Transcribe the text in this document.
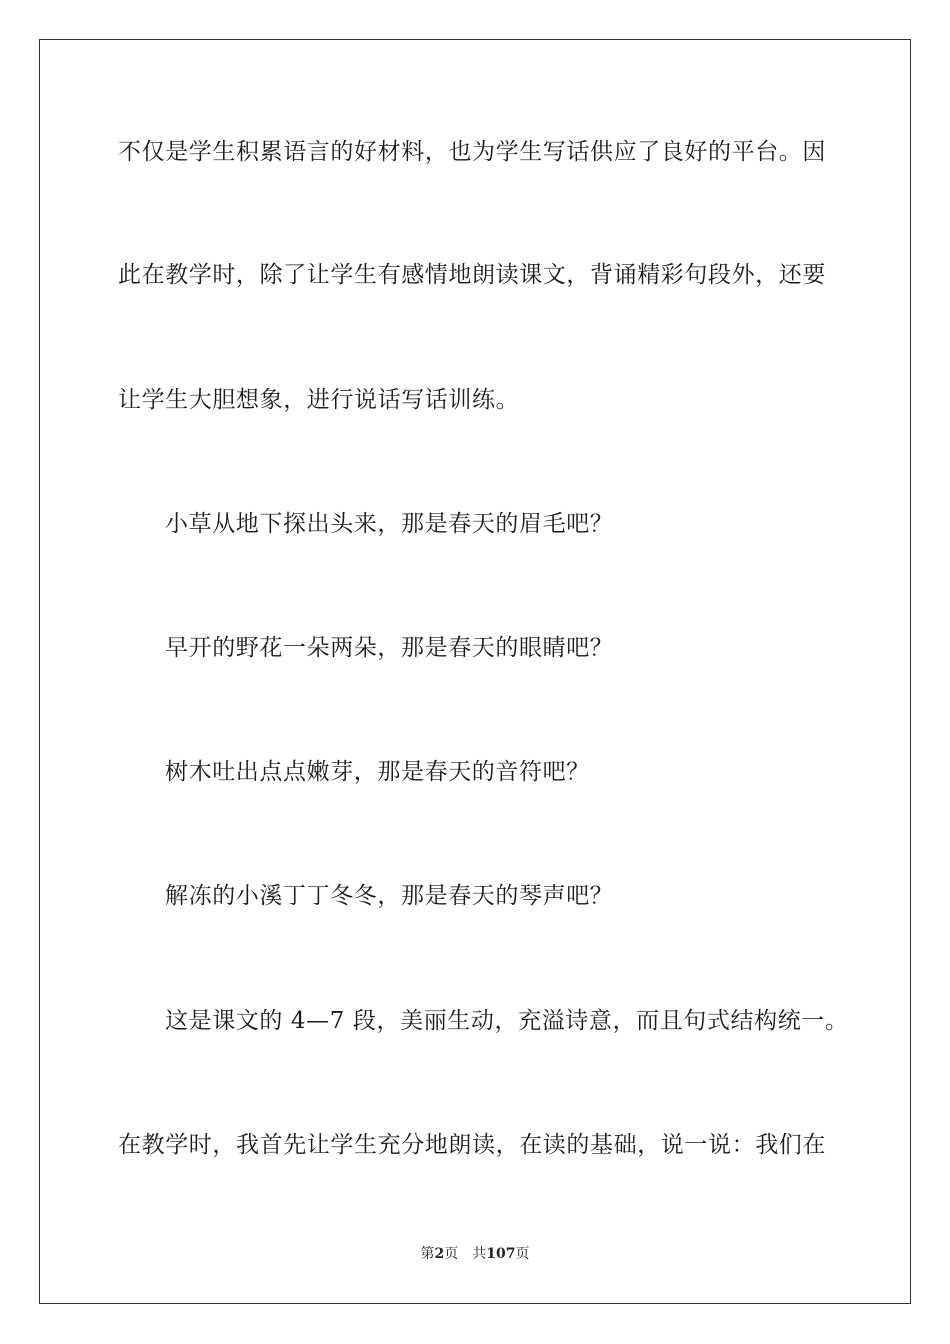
不仅是学生积累语言的好材料，也为学生写话供应了良好的平台。因
此在教学时，除了让学生有感情地朗读课文，背诵精彩句段外，还要
让学生大胆想象，进行说话写话训练。
小草从地下探出头来，那是春天的眉毛吧？
早开的野花一朵两朵，那是春天的眼睛吧？
树木吐出点点嫩芽，那是春天的音符吧？
解冻的小溪丁丁冬冬，那是春天的琴声吧？
这是课文的 4—7 段，美丽生动，充溢诗意，而且句式结构统一。
在教学时，我首先让学生充分地朗读，在读的基础，说一说：我们在
第2页 共107页
